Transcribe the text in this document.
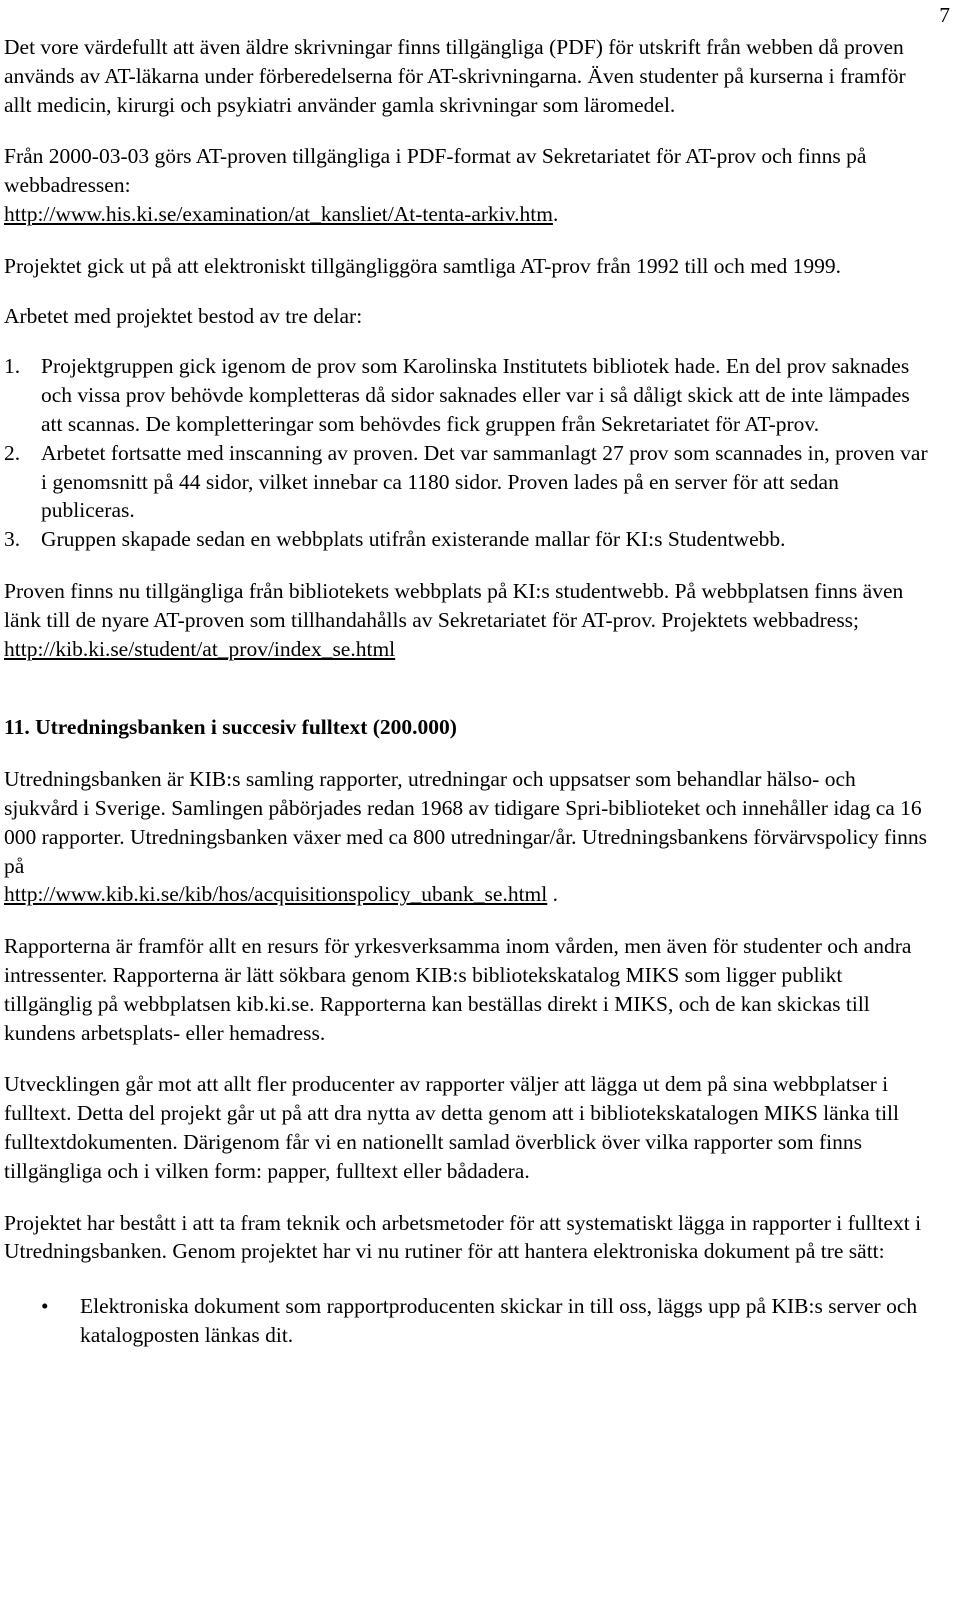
7

Det vore värdefullt att även äldre skrivningar finns tillgängliga (PDF) för utskrift från webben då proven används av AT-läkarna under förberedelserna för AT-skrivningarna. Även studenter på kurserna i framför allt medicin, kirurgi och psykiatri använder gamla skrivningar som läromedel.

Från 2000-03-03 görs AT-proven tillgängliga i PDF-format av Sekretariatet för AT-prov och finns på webbadressen:
http://www.his.ki.se/examination/at_kansliet/At-tenta-arkiv.htm.

Projektet gick ut på att elektroniskt tillgängliggöra samtliga AT-prov från 1992 till och med 1999.

Arbetet med projektet bestod av tre delar:

1. Projektgruppen gick igenom de prov som Karolinska Institutets bibliotek hade. En del prov saknades och vissa prov behövde kompletteras då sidor saknades eller var i så dåligt skick att de inte lämpades att scannas. De kompletteringar som behövdes fick gruppen från Sekretariatet för AT-prov.
2. Arbetet fortsatte med inscanning av proven. Det var sammanlagt 27 prov som scannades in, proven var i genomsnitt på 44 sidor, vilket innebar ca 1180 sidor. Proven lades på en server för att sedan publiceras.
3. Gruppen skapade sedan en webbplats utifrån existerande mallar för KI:s Studentwebb.

Proven finns nu tillgängliga från bibliotekets webbplats på KI:s studentwebb. På webbplatsen finns även länk till de nyare AT-proven som tillhandahålls av Sekretariatet för AT-prov. Projektets webbadress; http://kib.ki.se/student/at_prov/index_se.html

11. Utredningsbanken i succesiv fulltext (200.000)

Utredningsbanken är KIB:s samling rapporter, utredningar och uppsatser som behandlar hälso- och sjukvård i Sverige. Samlingen påbörjades redan 1968 av tidigare Spri-biblioteket och innehåller idag ca 16 000 rapporter. Utredningsbanken växer med ca 800 utredningar/år. Utredningsbankens förvärvspolicy finns på
http://www.kib.ki.se/kib/hos/acquisitionspolicy_ubank_se.html .

Rapporterna är framför allt en resurs för yrkesverksamma inom vården, men även för studenter och andra intressenter. Rapporterna är lätt sökbara genom KIB:s bibliotekskatalog MIKS som ligger publikt tillgänglig på webbplatsen kib.ki.se. Rapporterna kan beställas direkt i MIKS, och de kan skickas till kundens arbetsplats- eller hemadress.

Utvecklingen går mot att allt fler producenter av rapporter väljer att lägga ut dem på sina webbplatser i fulltext. Detta del projekt går ut på att dra nytta av detta genom att i bibliotekskatalogen MIKS länka till fulltextdokumenten. Därigenom får vi en nationellt samlad överblick över vilka rapporter som finns tillgängliga och i vilken form: papper, fulltext eller bådadera.

Projektet har bestått i att ta fram teknik och arbetsmetoder för att systematiskt lägga in rapporter i fulltext i Utredningsbanken. Genom projektet har vi nu rutiner för att hantera elektroniska dokument på tre sätt:

• Elektroniska dokument som rapportproducenten skickar in till oss, läggs upp på KIB:s server och katalogposten länkas dit.
